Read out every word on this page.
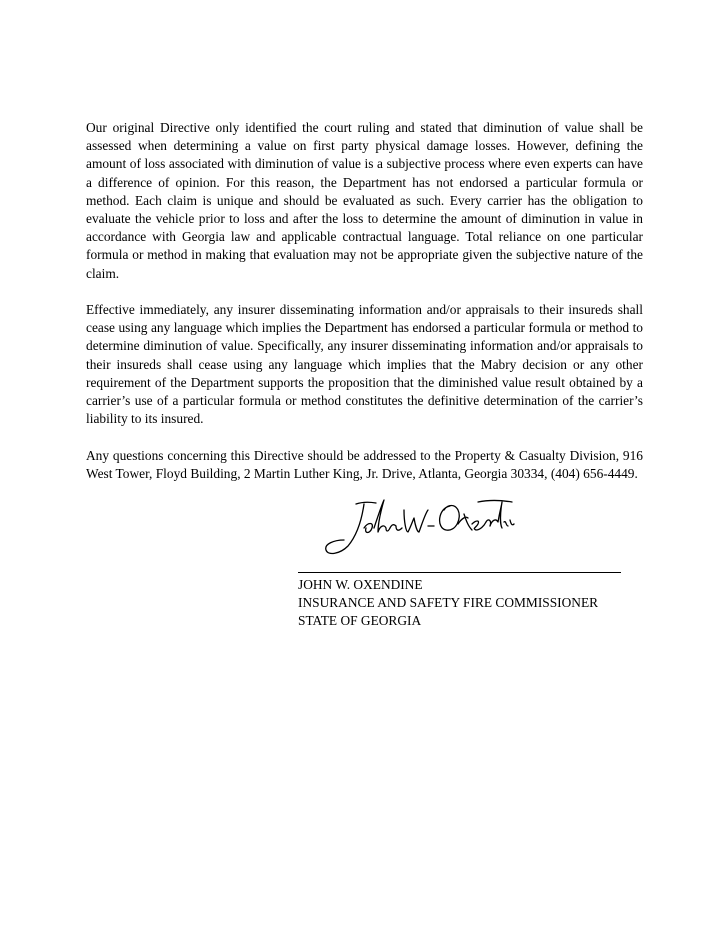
Our original Directive only identified the court ruling and stated that diminution of value shall be assessed when determining a value on first party physical damage losses. However, defining the amount of loss associated with diminution of value is a subjective process where even experts can have a difference of opinion. For this reason, the Department has not endorsed a particular formula or method. Each claim is unique and should be evaluated as such. Every carrier has the obligation to evaluate the vehicle prior to loss and after the loss to determine the amount of diminution in value in accordance with Georgia law and applicable contractual language. Total reliance on one particular formula or method in making that evaluation may not be appropriate given the subjective nature of the claim.

Effective immediately, any insurer disseminating information and/or appraisals to their insureds shall cease using any language which implies the Department has endorsed a particular formula or method to determine diminution of value. Specifically, any insurer disseminating information and/or appraisals to their insureds shall cease using any language which implies that the Mabry decision or any other requirement of the Department supports the proposition that the diminished value result obtained by a carrier’s use of a particular formula or method constitutes the definitive determination of the carrier’s liability to its insured.

Any questions concerning this Directive should be addressed to the Property & Casualty Division, 916 West Tower, Floyd Building, 2 Martin Luther King, Jr. Drive, Atlanta, Georgia 30334, (404) 656-4449.

JOHN W. OXENDINE
INSURANCE AND SAFETY FIRE COMMISSIONER
STATE OF GEORGIA
